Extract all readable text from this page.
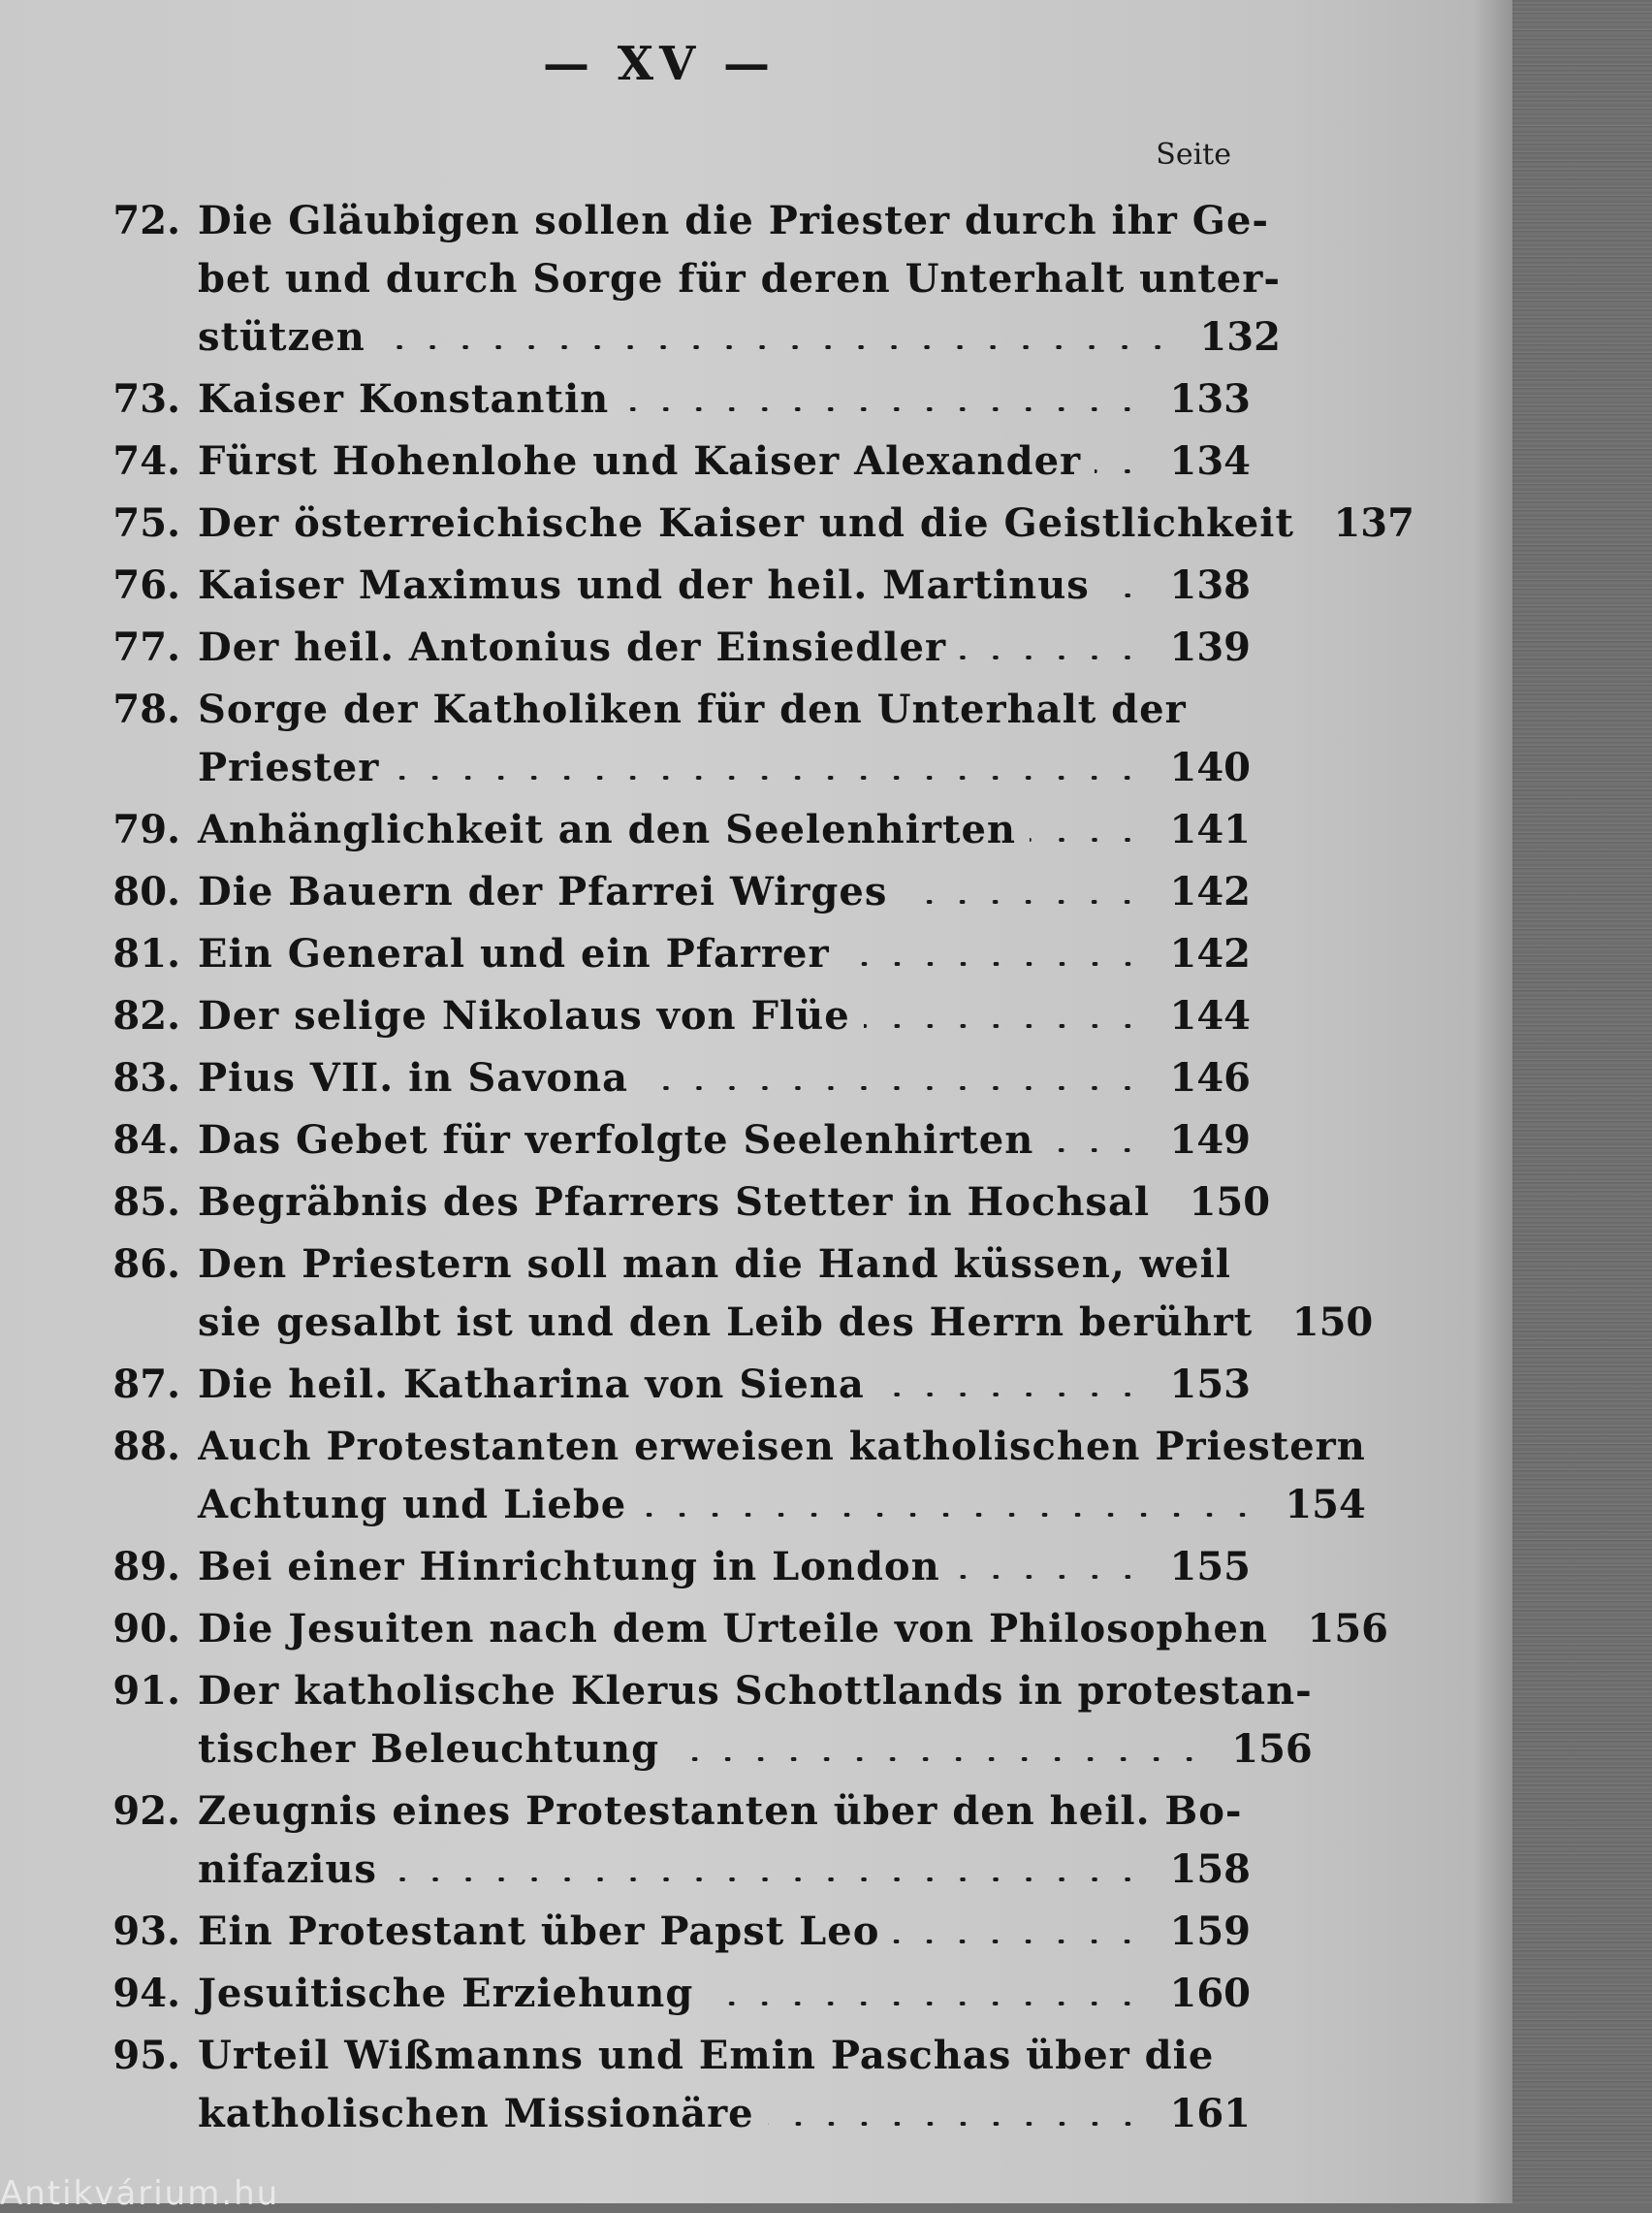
— XV —
Seite
72. Die Gläubigen sollen die Priester durch ihr Ge-
bet und durch Sorge für deren Unterhalt unter-
stützen	132
73. Kaiser Konstantin	133
74. Fürst Hohenlohe und Kaiser Alexander	134
75. Der österreichische Kaiser und die Geistlichkeit	137
76. Kaiser Maximus und der heil. Martinus	138
77. Der heil. Antonius der Einsiedler	139
78. Sorge der Katholiken für den Unterhalt der
Priester	140
79. Anhänglichkeit an den Seelenhirten	141
80. Die Bauern der Pfarrei Wirges	142
81. Ein General und ein Pfarrer	142
82. Der selige Nikolaus von Flüe	144
83. Pius VII. in Savona	146
84. Das Gebet für verfolgte Seelenhirten	149
85. Begräbnis des Pfarrers Stetter in Hochsal	150
86. Den Priestern soll man die Hand küssen, weil
sie gesalbt ist und den Leib des Herrn berührt	150
87. Die heil. Katharina von Siena	153
88. Auch Protestanten erweisen katholischen Priestern
Achtung und Liebe	154
89. Bei einer Hinrichtung in London	155
90. Die Jesuiten nach dem Urteile von Philosophen	156
91. Der katholische Klerus Schottlands in protestan-
tischer Beleuchtung	156
92. Zeugnis eines Protestanten über den heil. Bo-
nifazius	158
93. Ein Protestant über Papst Leo	159
94. Jesuitische Erziehung	160
95. Urteil Wißmanns und Emin Paschas über die
katholischen Missionäre	161
Antikvárium.hu
